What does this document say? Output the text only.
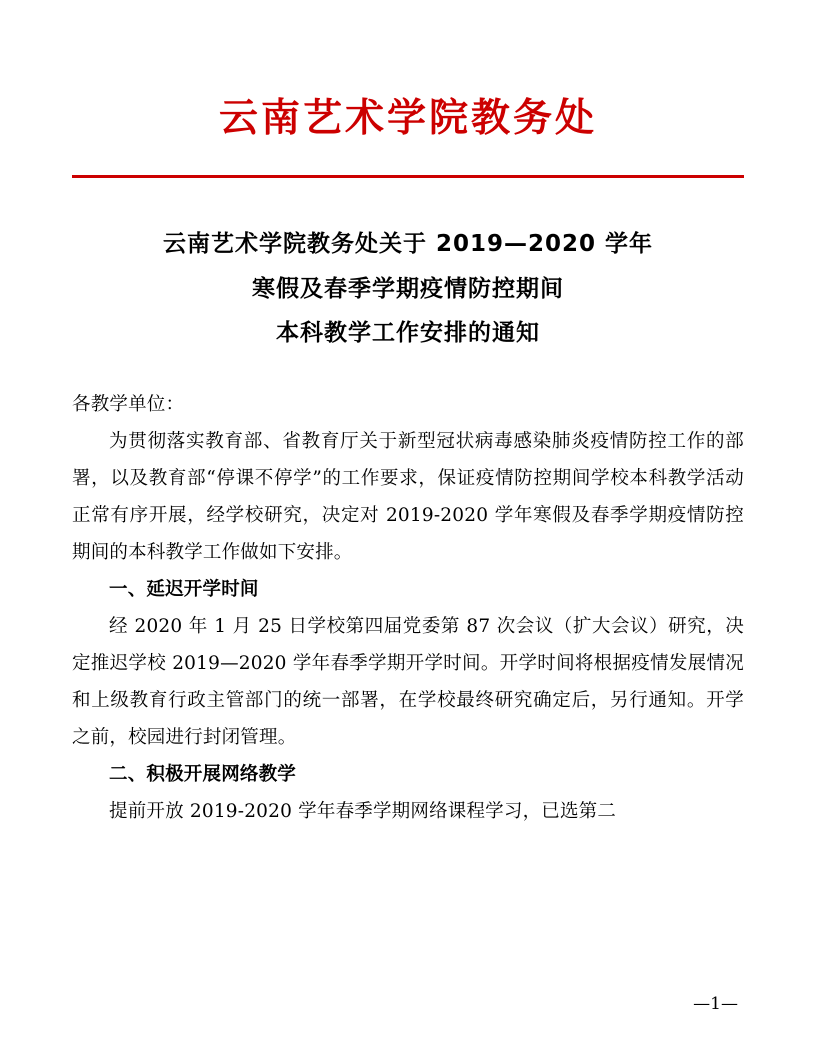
云南艺术学院教务处
云南艺术学院教务处关于 2019—2020 学年
寒假及春季学期疫情防控期间
本科教学工作安排的通知

各教学单位：

为贯彻落实教育部、省教育厅关于新型冠状病毒感染肺炎疫情防控工作的部署，以及教育部“停课不停学”的工作要求，保证疫情防控期间学校本科教学活动正常有序开展，经学校研究，决定对 2019-2020 学年寒假及春季学期疫情防控期间的本科教学工作做如下安排。

一、延迟开学时间

经 2020 年 1 月 25 日学校第四届党委第 87 次会议（扩大会议）研究，决定推迟学校 2019—2020 学年春季学期开学时间。开学时间将根据疫情发展情况和上级教育行政主管部门的统一部署，在学校最终研究确定后，另行通知。开学之前，校园进行封闭管理。

二、积极开展网络教学

提前开放 2019-2020 学年春季学期网络课程学习，已选第二

—1—
